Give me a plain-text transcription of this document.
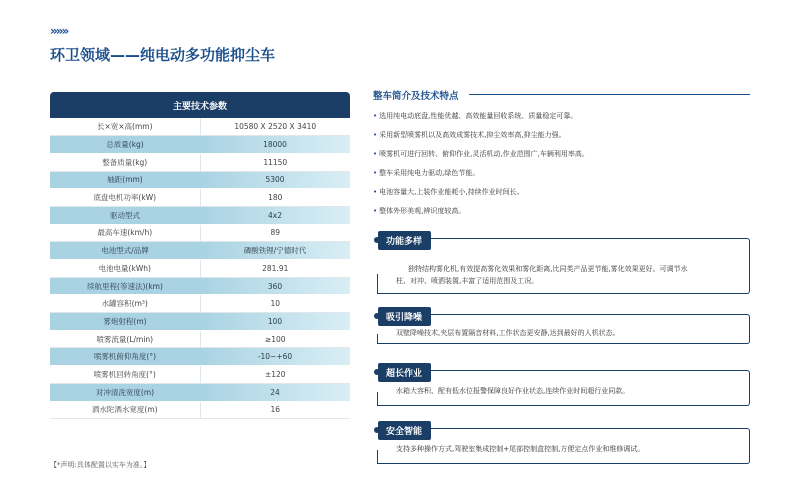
»»»
环卫领域——纯电动多功能抑尘车
主要技术参数	
长×宽×高(mm)	10580 X 2520 X 3410
总质量(kg)	18000
整备质量(kg)	11150
轴距(mm)	5300
底盘电机功率(kW)	180
驱动型式	4x2
最高车速(km/h)	89
电池型式/品牌	磷酸铁锂/宁德时代
电池电量(kWh)	281.91
续航里程(等速法)(km)	360
水罐容积(m³)	10
雾炮射程(m)	100
喷雾流量(L/min)	≥100
喷雾机俯仰角度(°)	-10~+60
喷雾机回转角度(°)	±120
对冲清洗宽度(m)	24
洒水陀洒水宽度(m)	16
【*声明:具体配置以实车为准。】
整车简介及技术特点
• 选用纯电动底盘,性能优越、高效能量回收系统、质量稳定可靠。
• 采用新型喷雾机以及高效成雾技术,抑尘效率高,抑尘能力强。
• 喷雾机可进行回转、俯仰作业,灵活机动,作业范围广,车辆利用率高。
• 整车采用纯电力驱动,绿色节能。
• 电池容量大,上装作业能耗小,持续作业时间长。
• 整体外形美观,辨识度较高。
功能多样
独特结构雾化机,有效提高雾化效果和雾化距离,比同类产品更节能,雾化效果更好。可调节水
柱、对冲、喷洒装置,丰富了适用范围及工况。
吸引降噪
双壁降噪技术,夹层布置隔音材料,工作状态更安静,达到最好的人机状态。
超长作业
水箱大容积、配有低水位报警保障良好作业状态,连续作业时间超行业同款。
安全智能
支持多种操作方式,驾驶室集成控制+尾部控制盒控制,方便定点作业和维修调试。
